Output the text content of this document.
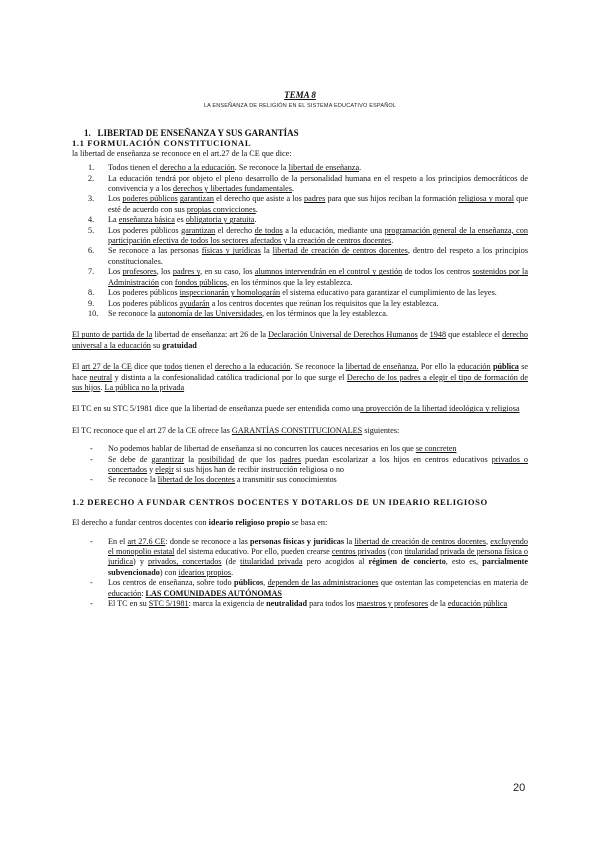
TEMA 8
LA ENSEÑANZA DE RELIGIÓN EN EL SISTEMA EDUCATIVO ESPAÑOL
1. LIBERTAD DE ENSEÑANZA Y SUS GARANTÍAS
1.1 FORMULACIÓN CONSTITUCIONAL

la libertad de enseñanza se reconoce en el art.27 de la CE que dice:

1. Todos tienen el derecho a la educación. Se reconoce la libertad de enseñanza.
2. La educación tendrá por objeto el pleno desarrollo de la personalidad humana en el respeto a los principios democráticos de convivencia y a los derechos y libertades fundamentales.
3. Los poderes públicos garantizan el derecho que asiste a los padres para que sus hijos reciban la formación religiosa y moral que esté de acuerdo con sus propias convicciones.
4. La enseñanza básica es obligatoria y gratuita.
5. Los poderes públicos garantizan el derecho de todos a la educación, mediante una programación general de la enseñanza, con participación efectiva de todos los sectores afectados y la creación de centros docentes.
6. Se reconoce a las personas físicas y jurídicas la libertad de creación de centros docentes, dentro del respeto a los principios constitucionales.
7. Los profesores, los padres y, en su caso, los alumnos intervendrán en el control y gestión de todos los centros sostenidos por la Administración con fondos públicos, en los términos que la ley establezca.
8. Los poderes públicos inspeccionarán y homologarán el sistema educativo para garantizar el cumplimiento de las leyes.
9. Los poderes públicos ayudarán a los centros docentes que reúnan los requisitos que la ley establezca.
10. Se reconoce la autonomía de las Universidades, en los términos que la ley establezca.

El punto de partida de la libertad de enseñanza: art 26 de la Declaración Universal de Derechos Humanos de 1948 que establece el derecho universal a la educación su gratuidad

El art 27 de la CE dice que todos tienen el derecho a la educación. Se reconoce la libertad de enseñanza. Por ello la educación pública se hace neutral y distinta a la confesionalidad católica tradicional por lo que surge el Derecho de los padres a elegir el tipo de formación de sus hijos. La pública no la privada

El TC en su STC 5/1981 dice que la libertad de enseñanza puede ser entendida como una proyección de la libertad ideológica y religiosa

El TC reconoce que el art 27 de la CE ofrece las GARANTÍAS CONSTITUCIONALES siguientes:

- No podemos hablar de libertad de enseñanza si no concurren los cauces necesarios en los que se concreten
- Se debe de garantizar la posibilidad de que los padres puedan escolarizar a los hijos en centros educativos privados o concertados y elegir si sus hijos han de recibir instrucción religiosa o no
- Se reconoce la libertad de los docentes a transmitir sus conocimientos
1.2 DERECHO A FUNDAR CENTROS DOCENTES Y DOTARLOS DE UN IDEARIO RELIGIOSO

El derecho a fundar centros docentes con ideario religioso propio se basa en:

- En el art 27.6 CE: donde se reconoce a las personas físicas y jurídicas la libertad de creación de centros docentes, excluyendo el monopolio estatal del sistema educativo. Por ello, pueden crearse centros privados (con titularidad privada de persona física o jurídica) y privados, concertados (de titularidad privada pero acogidos al régimen de concierto, esto es, parcialmente subvencionado) con idearios propios.
- Los centros de enseñanza, sobre todo públicos, dependen de las administraciones que ostentan las competencias en materia de educación: LAS COMUNIDADES AUTÓNOMAS
- El TC en su STC 5/1981: marca la exigencia de neutralidad para todos los maestros y profesores de la educación pública
20
